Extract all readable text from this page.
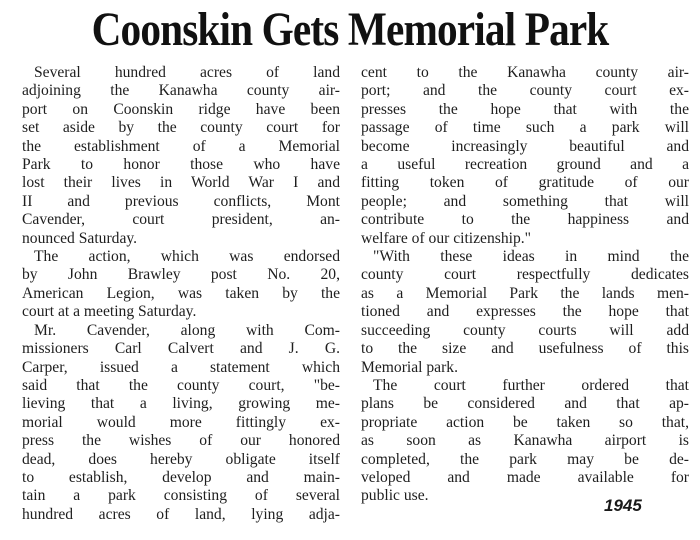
Coonskin Gets Memorial Park
Several hundred acres of land
adjoining the Kanawha county air-
port on Coonskin ridge have been
set aside by the county court for
the establishment of a Memorial
Park to honor those who have
lost their lives in World War I and
II and previous conflicts, Mont
Cavender, court president, an-
nounced Saturday.
The action, which was endorsed
by John Brawley post No. 20,
American Legion, was taken by the
court at a meeting Saturday.
Mr. Cavender, along with Com-
missioners Carl Calvert and J. G.
Carper, issued a statement which
said that the county court, "be-
lieving that a living, growing me-
morial would more fittingly ex-
press the wishes of our honored
dead, does hereby obligate itself
to establish, develop and main-
tain a park consisting of several
hundred acres of land, lying adja-
cent to the Kanawha county air-
port; and the county court ex-
presses the hope that with the
passage of time such a park will
become increasingly beautiful and
a useful recreation ground and a
fitting token of gratitude of our
people; and something that will
contribute to the happiness and
welfare of our citizenship."
"With these ideas in mind the
county court respectfully dedicates
as a Memorial Park the lands men-
tioned and expresses the hope that
succeeding county courts will add
to the size and usefulness of this
Memorial park.
The court further ordered that
plans be considered and that ap-
propriate action be taken so that,
as soon as Kanawha airport is
completed, the park may be de-
veloped and made available for
public use.
1945
